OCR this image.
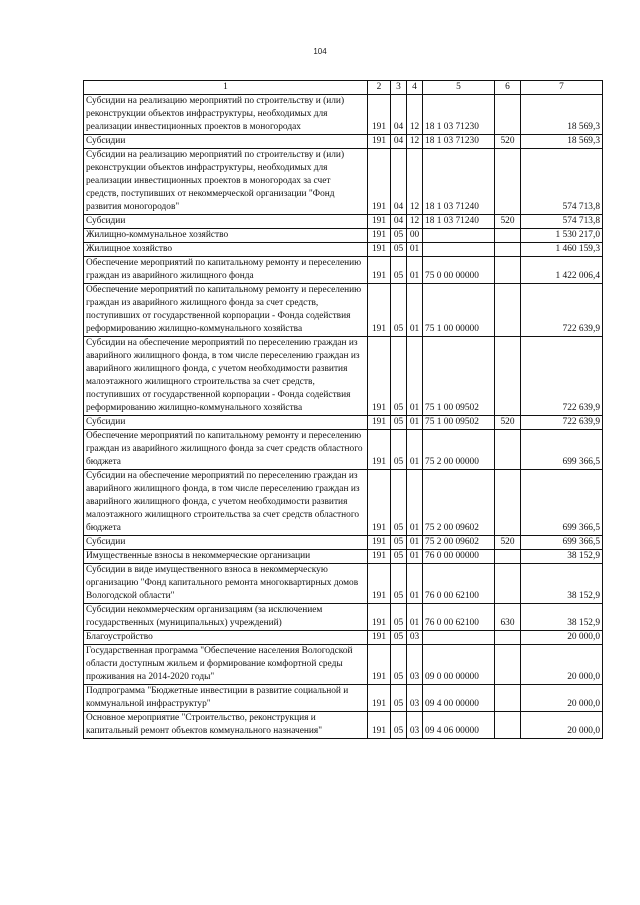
104
1	2	3	4	5	6	7
Субсидии на реализацию мероприятий по строительству и (или) реконструкции объектов инфраструктуры, необходимых для реализации инвестиционных проектов в моногородах	191	04	12	18 1 03 71230		18 569,3
Субсидии	191	04	12	18 1 03 71230	520	18 569,3
Субсидии на реализацию мероприятий по строительству и (или) реконструкции объектов инфраструктуры, необходимых для реализации инвестиционных проектов в моногородах за счет средств, поступивших от некоммерческой организации "Фонд развития моногородов"	191	04	12	18 1 03 71240		574 713,8
Субсидии	191	04	12	18 1 03 71240	520	574 713,8
Жилищно-коммунальное хозяйство	191	05	00			1 530 217,0
Жилищное хозяйство	191	05	01			1 460 159,3
Обеспечение мероприятий по капитальному ремонту и переселению граждан из аварийного жилищного фонда	191	05	01	75 0 00 00000		1 422 006,4
Обеспечение мероприятий по капитальному ремонту и переселению граждан из аварийного жилищного фонда за счет средств, поступивших от государственной корпорации - Фонда содействия реформированию жилищно-коммунального хозяйства	191	05	01	75 1 00 00000		722 639,9
Субсидии на обеспечение мероприятий по переселению граждан из аварийного жилищного фонда, в том числе переселению граждан из аварийного жилищного фонда, с учетом необходимости развития малоэтажного жилищного строительства за счет средств, поступивших от государственной корпорации - Фонда содействия реформированию жилищно-коммунального хозяйства	191	05	01	75 1 00 09502		722 639,9
Субсидии	191	05	01	75 1 00 09502	520	722 639,9
Обеспечение мероприятий по капитальному ремонту и переселению граждан из аварийного жилищного фонда за счет средств областного бюджета	191	05	01	75 2 00 00000		699 366,5
Субсидии на обеспечение мероприятий по переселению граждан из аварийного жилищного фонда, в том числе переселению граждан из аварийного жилищного фонда, с учетом необходимости развития малоэтажного жилищного строительства за счет средств областного бюджета	191	05	01	75 2 00 09602		699 366,5
Субсидии	191	05	01	75 2 00 09602	520	699 366,5
Имущественные взносы в некоммерческие организации	191	05	01	76 0 00 00000		38 152,9
Субсидии в виде имущественного взноса в некоммерческую организацию "Фонд капитального ремонта многоквартирных домов Вологодской области"	191	05	01	76 0 00 62100		38 152,9
Субсидии некоммерческим организациям (за исключением государственных (муниципальных) учреждений)	191	05	01	76 0 00 62100	630	38 152,9
Благоустройство	191	05	03			20 000,0
Государственная программа "Обеспечение населения Вологодской области доступным жильем и формирование комфортной среды проживания на 2014-2020 годы"	191	05	03	09 0 00 00000		20 000,0
Подпрограмма "Бюджетные инвестиции в развитие социальной и коммунальной инфраструктур"	191	05	03	09 4 00 00000		20 000,0
Основное мероприятие "Строительство, реконструкция и капитальный ремонт объектов коммунального назначения"	191	05	03	09 4 06 00000		20 000,0
